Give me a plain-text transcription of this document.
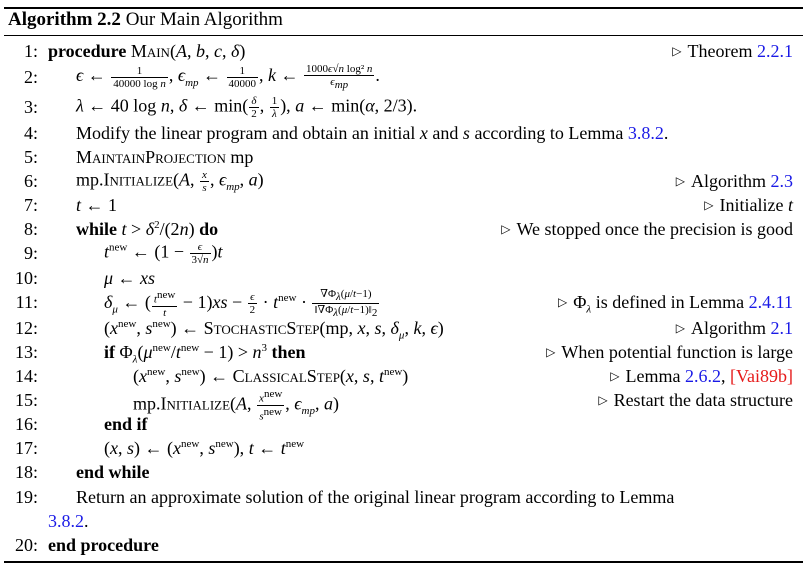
Algorithm 2.2 Our Main Algorithm
1: procedure Main(A, b, c, δ)	▷ Theorem 2.2.1
2: ϵ ← $\frac{1}{\text{40000 log n}}$ , $\epsilon_{mp}$ ← $\frac{1}{40000}$ , k ← $\frac{\text{1000ϵ√n log² n}}{\epsilon_{mp}}$ .
3: λ ← 40 log n, δ ← $\min( \frac{\delta}{2}$ , $\frac{1}{\lambda}$ ), a ← min(α, 2/3).
4: Modify the linear program and obtain an initial x and s according to Lemma 3.8.2.
5: MaintainProjection mp
6: mp.Initialize(A, $\frac{x}{s}$ , $\epsilon_{mp}$, a)	▷ Algorithm 2.3
7: t ← 1	▷ Initialize t
8: while $t > \delta^2/(2n)$ do	▷ We stopped once the precision is good
9:	$t^{new}$ ← $(1 - \frac{\epsilon}{3√n} )t$
10:	μ ← xs
11:	$\delta_\mu$ ← ( $\frac{t^{new}}{t} - 1)xs - \frac{\epsilon}{2} \cdot t^{new} \cdot \frac{\nabla\Phi_\lambda(\mu/t-1)}{‖\nabla\Phi_\lambda(\mu/t-1)‖_2}$	▷ $\Phi_\lambda$ is defined in Lemma 2.4.11
12:	($x^{new}$, $s^{new}$) ← StochasticStep(mp, x, s, $\delta_\mu$, k, ϵ)	▷ Algorithm 2.1
13:	if $\Phi_\lambda(\mu^{new}/t^{new} - 1) > n^3$ then	▷ When potential function is large
14:	($x^{new}$, $s^{new}$) ← ClassicalStep(x, s, $t^{new}$)	▷ Lemma 2.6.2, [Vai89b]
15:	mp.Initialize(A, $\frac{x^{new}}{s^{new}}$ , $\epsilon_{mp}$, a)	▷ Restart the data structure
16:	end if
17:	(x, s) ← ($x^{new}$, $s^{new}$), t ← $t^{new}$
18: end while
19: Return an approximate solution of the original linear program according to Lemma
3.8.2.
20: end procedure
